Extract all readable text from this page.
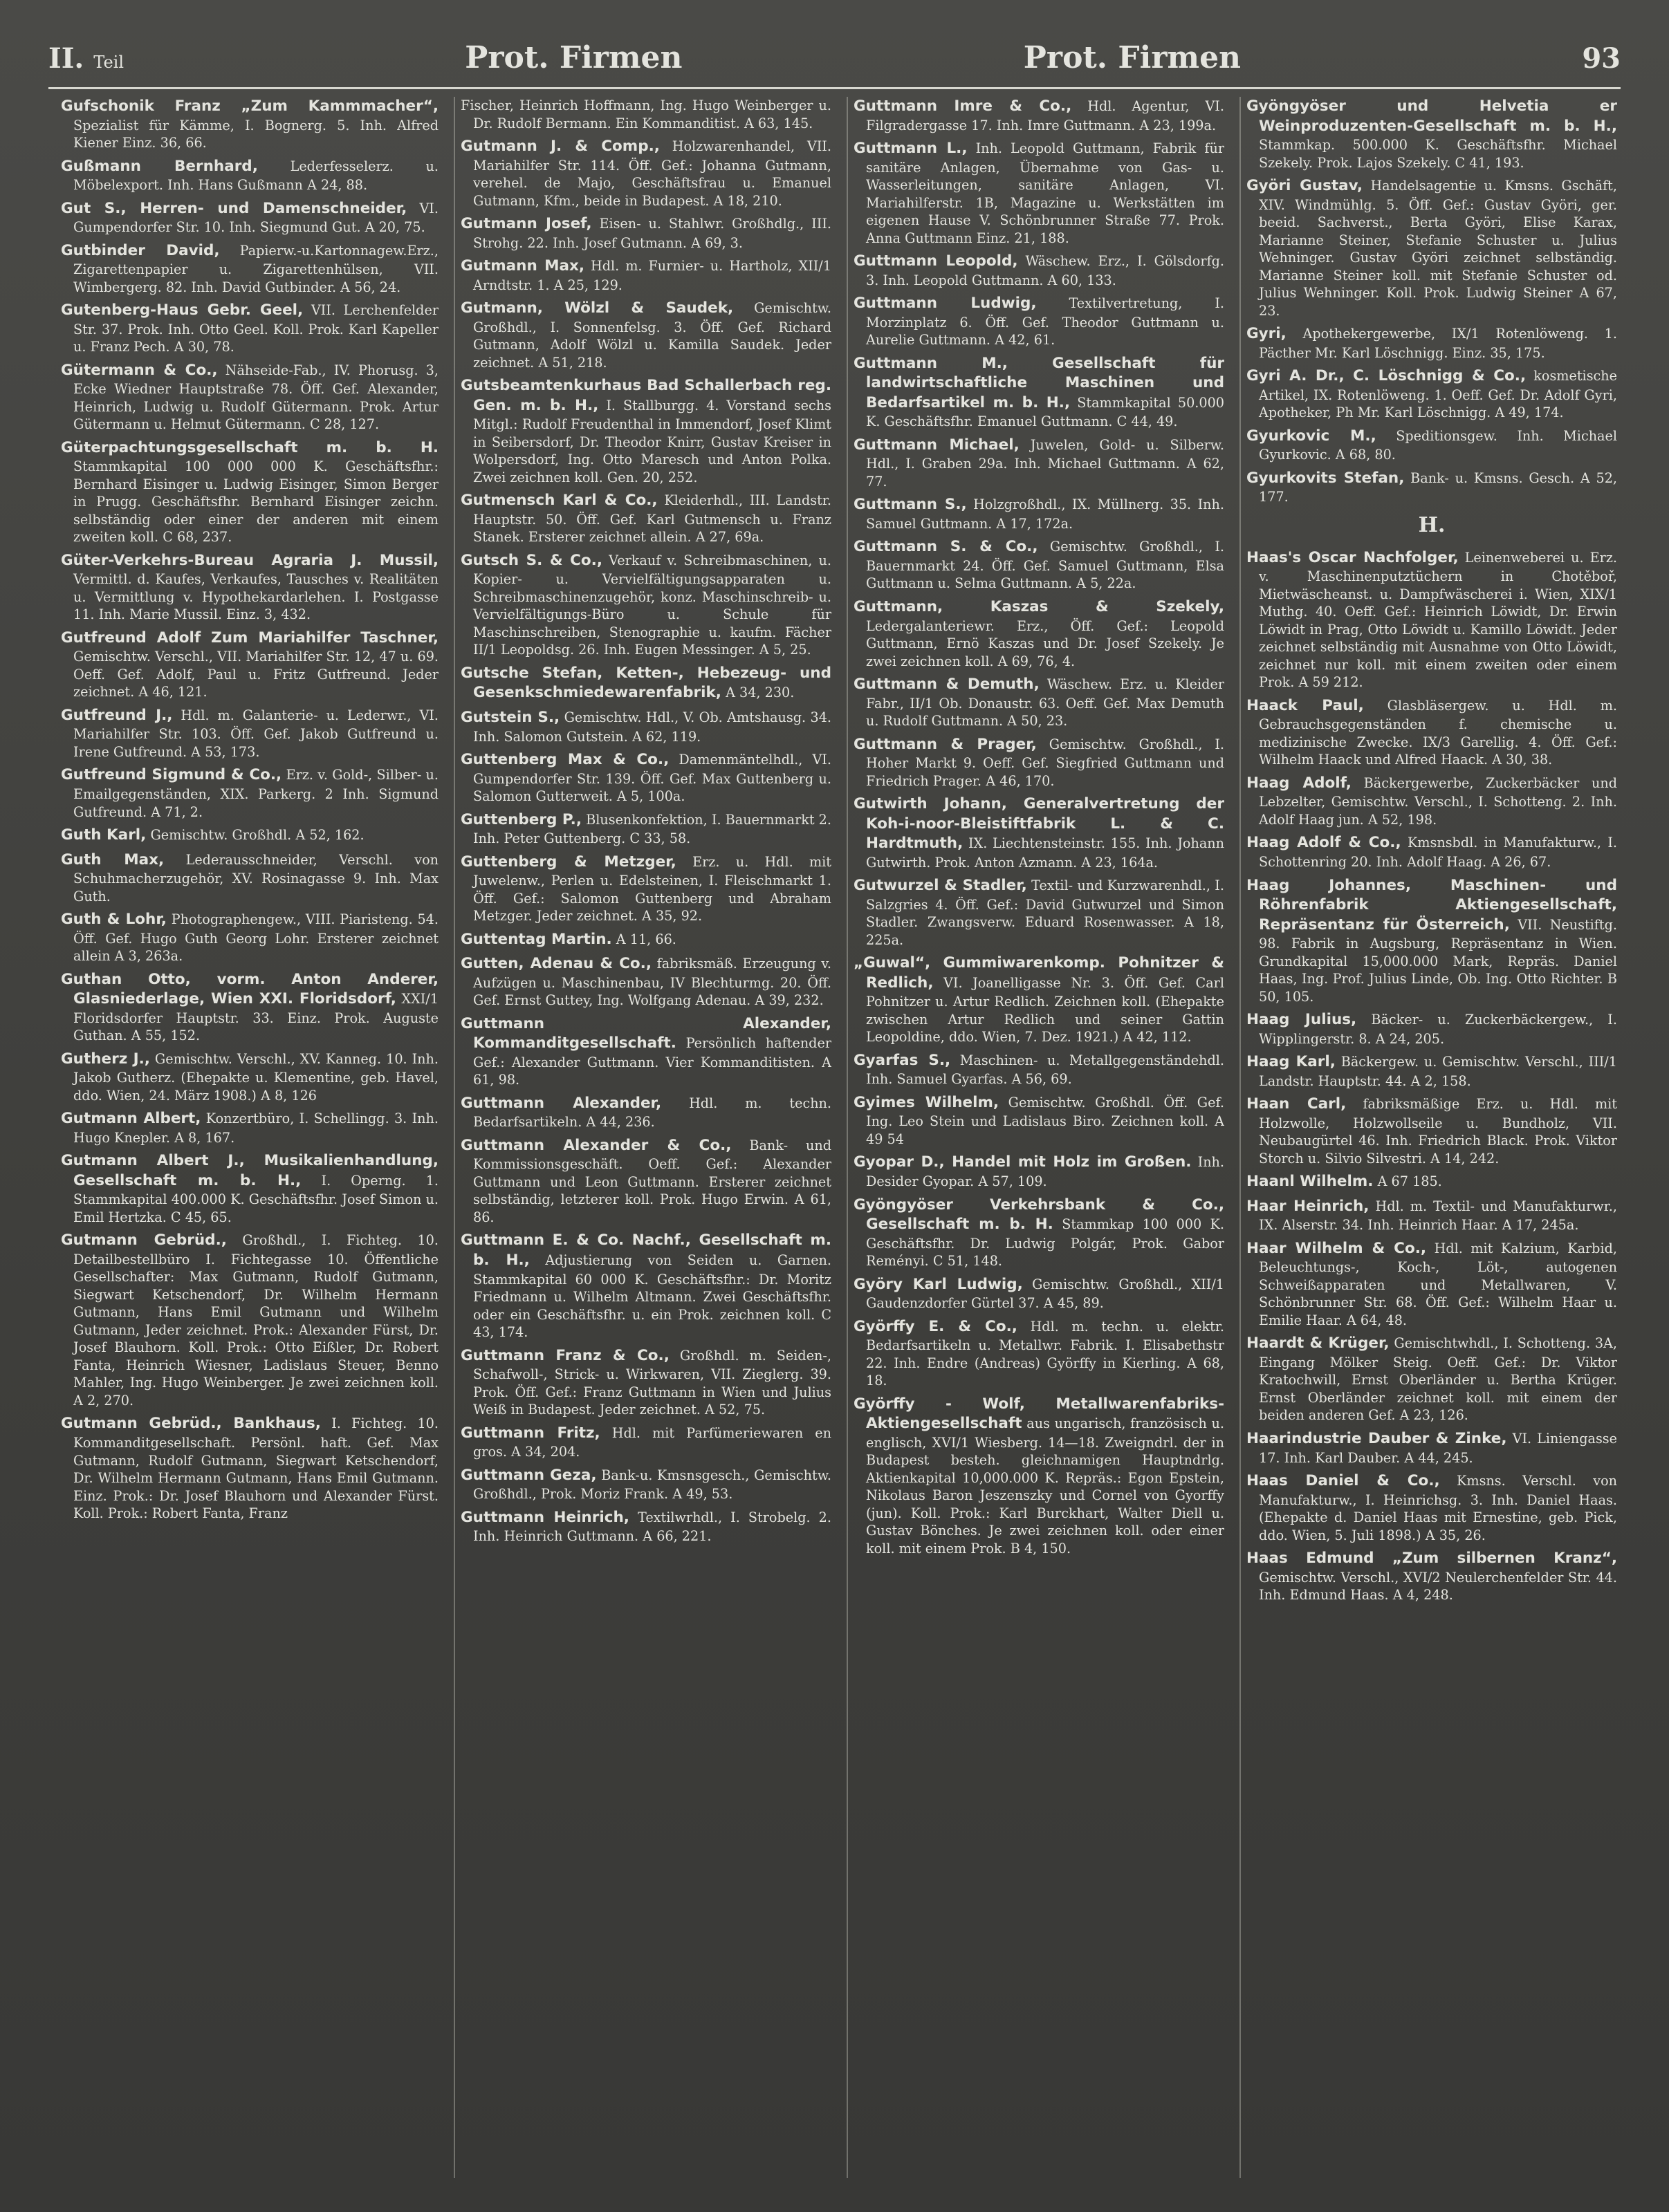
II. Teil	Prot. Firmen	Prot. Firmen	93
Gufschonik Franz „Zum Kammmacher“, Spezialist für Kämme, I. Bognerg. 5. Inh. Alfred Kiener Einz. 36, 66.
Gußmann Bernhard, Lederfesselerz. u. Möbelexport. Inh. Hans Gußmann A 24, 88.
Gut S., Herren- und Damenschneider, VI. Gumpendorfer Str. 10. Inh. Siegmund Gut. A 20, 75.
Gutbinder David, Papierw.-u.Kartonnagew.Erz., Zigarettenpapier u. Zigarettenhülsen, VII. Wimbergerg. 82. Inh. David Gutbinder. A 56, 24.
Gutenberg-Haus Gebr. Geel, VII. Lerchenfelder Str. 37. Prok. Inh. Otto Geel. Koll. Prok. Karl Kapeller u. Franz Pech. A 30, 78.
Gütermann & Co., Nähseide-Fab., IV. Phorusg. 3, Ecke Wiedner Hauptstraße 78. Öff. Gef. Alexander, Heinrich, Ludwig u. Rudolf Gütermann. Prok. Artur Gütermann u. Helmut Gütermann. C 28, 127.
Güterpachtungsgesellschaft m. b. H. Stammkapital 100 000 000 K. Geschäftsfhr.: Bernhard Eisinger u. Ludwig Eisinger, Simon Berger in Prugg. Geschäftsfhr. Bernhard Eisinger zeichn. selbständig oder einer der anderen mit einem zweiten koll. C 68, 237.
Güter-Verkehrs-Bureau Agraria J. Mussil, Vermittl. d. Kaufes, Verkaufes, Tausches v. Realitäten u. Vermittlung v. Hypothekardarlehen. I. Postgasse 11. Inh. Marie Mussil. Einz. 3, 432.
Gutfreund Adolf Zum Mariahilfer Taschner, Gemischtw. Verschl., VII. Mariahilfer Str. 12, 47 u. 69. Oeff. Gef. Adolf, Paul u. Fritz Gutfreund. Jeder zeichnet. A 46, 121.
Gutfreund J., Hdl. m. Galanterie- u. Lederwr., VI. Mariahilfer Str. 103. Öff. Gef. Jakob Gutfreund u. Irene Gutfreund. A 53, 173.
Gutfreund Sigmund & Co., Erz. v. Gold-, Silber- u. Emailgegenständen, XIX. Parkerg. 2 Inh. Sigmund Gutfreund. A 71, 2.
Guth Karl, Gemischtw. Großhdl. A 52, 162.
Guth Max, Lederausschneider, Verschl. von Schuhmacherzugehör, XV. Rosinagasse 9. Inh. Max Guth.
Guth & Lohr, Photographengew., VIII. Piaristeng. 54. Öff. Gef. Hugo Guth Georg Lohr. Ersterer zeichnet allein A 3, 263a.
Guthan Otto, vorm. Anton Anderer, Glasniederlage, Wien XXI. Floridsdorf, XXI/1 Floridsdorfer Hauptstr. 33. Einz. Prok. Auguste Guthan. A 55, 152.
Gutherz J., Gemischtw. Verschl., XV. Kanneg. 10. Inh. Jakob Gutherz. (Ehepakte u. Klementine, geb. Havel, ddo. Wien, 24. März 1908.) A 8, 126
Gutmann Albert, Konzertbüro, I. Schellingg. 3. Inh. Hugo Knepler. A 8, 167.
Gutmann Albert J., Musikalienhandlung, Gesellschaft m. b. H., I. Operng. 1. Stammkapital 400.000 K. Geschäftsfhr. Josef Simon u. Emil Hertzka. C 45, 65.
Gutmann Gebrüd., Großhdl., I. Fichteg. 10. Detailbestellbüro I. Fichtegasse 10. Öffentliche Gesellschafter: Max Gutmann, Rudolf Gutmann, Siegwart Ketschendorf, Dr. Wilhelm Hermann Gutmann, Hans Emil Gutmann und Wilhelm Gutmann, Jeder zeichnet. Prok.: Alexander Fürst, Dr. Josef Blauhorn. Koll. Prok.: Otto Eißler, Dr. Robert Fanta, Heinrich Wiesner, Ladislaus Steuer, Benno Mahler, Ing. Hugo Weinberger. Je zwei zeichnen koll. A 2, 270.
Gutmann Gebrüd., Bankhaus, I. Fichteg. 10. Kommanditgesellschaft. Persönl. haft. Gef. Max Gutmann, Rudolf Gutmann, Siegwart Ketschendorf, Dr. Wilhelm Hermann Gutmann, Hans Emil Gutmann. Einz. Prok.: Dr. Josef Blauhorn und Alexander Fürst. Koll. Prok.: Robert Fanta, Franz
Fischer, Heinrich Hoffmann, Ing. Hugo Weinberger u. Dr. Rudolf Bermann. Ein Kommanditist. A 63, 145.
Gutmann J. & Comp., Holzwarenhandel, VII. Mariahilfer Str. 114. Öff. Gef.: Johanna Gutmann, verehel. de Majo, Geschäftsfrau u. Emanuel Gutmann, Kfm., beide in Budapest. A 18, 210.
Gutmann Josef, Eisen- u. Stahlwr. Großhdlg., III. Strohg. 22. Inh. Josef Gutmann. A 69, 3.
Gutmann Max, Hdl. m. Furnier- u. Hartholz, XII/1 Arndtstr. 1. A 25, 129.
Gutmann, Wölzl & Saudek, Gemischtw. Großhdl., I. Sonnenfelsg. 3. Öff. Gef. Richard Gutmann, Adolf Wölzl u. Kamilla Saudek. Jeder zeichnet. A 51, 218.
Gutsbeamtenkurhaus Bad Schallerbach reg. Gen. m. b. H., I. Stallburgg. 4. Vorstand sechs Mitgl.: Rudolf Freudenthal in Immendorf, Josef Klimt in Seibersdorf, Dr. Theodor Knirr, Gustav Kreiser in Wolpersdorf, Ing. Otto Maresch und Anton Polka. Zwei zeichnen koll. Gen. 20, 252.
Gutmensch Karl & Co., Kleiderhdl., III. Landstr. Hauptstr. 50. Öff. Gef. Karl Gutmensch u. Franz Stanek. Ersterer zeichnet allein. A 27, 69a.
Gutsch S. & Co., Verkauf v. Schreibmaschinen, u. Kopier- u. Vervielfältigungsapparaten u. Schreibmaschinenzugehör, konz. Maschinschreib- u. Vervielfältigungs-Büro u. Schule für Maschinschreiben, Stenographie u. kaufm. Fächer II/1 Leopoldsg. 26. Inh. Eugen Messinger. A 5, 25.
Gutsche Stefan, Ketten-, Hebezeug- und Gesenkschmiedewarenfabrik, A 34, 230.
Gutstein S., Gemischtw. Hdl., V. Ob. Amtshausg. 34. Inh. Salomon Gutstein. A 62, 119.
Guttenberg Max & Co., Damenmäntelhdl., VI. Gumpendorfer Str. 139. Öff. Gef. Max Guttenberg u. Salomon Gutterweit. A 5, 100a.
Guttenberg P., Blusenkonfektion, I. Bauernmarkt 2. Inh. Peter Guttenberg. C 33, 58.
Guttenberg & Metzger, Erz. u. Hdl. mit Juwelenw., Perlen u. Edelsteinen, I. Fleischmarkt 1. Öff. Gef.: Salomon Guttenberg und Abraham Metzger. Jeder zeichnet. A 35, 92.
Guttentag Martin. A 11, 66.
Gutten, Adenau & Co., fabriksmäß. Erzeugung v. Aufzügen u. Maschinenbau, IV Blechturmg. 20. Öff. Gef. Ernst Guttey, Ing. Wolfgang Adenau. A 39, 232.
Guttmann Alexander, Kommanditgesellschaft. Persönlich haftender Gef.: Alexander Guttmann. Vier Kommanditisten. A 61, 98.
Guttmann Alexander, Hdl. m. techn. Bedarfsartikeln. A 44, 236.
Guttmann Alexander & Co., Bank- und Kommissionsgeschäft. Oeff. Gef.: Alexander Guttmann und Leon Guttmann. Ersterer zeichnet selbständig, letzterer koll. Prok. Hugo Erwin. A 61, 86.
Guttmann E. & Co. Nachf., Gesellschaft m. b. H., Adjustierung von Seiden u. Garnen. Stammkapital 60 000 K. Geschäftsfhr.: Dr. Moritz Friedmann u. Wilhelm Altmann. Zwei Geschäftsfhr. oder ein Geschäftsfhr. u. ein Prok. zeichnen koll. C 43, 174.
Guttmann Franz & Co., Großhdl. m. Seiden-, Schafwoll-, Strick- u. Wirkwaren, VII. Zieglerg. 39. Prok. Öff. Gef.: Franz Guttmann in Wien und Julius Weiß in Budapest. Jeder zeichnet. A 52, 75.
Guttmann Fritz, Hdl. mit Parfümeriewaren en gros. A 34, 204.
Guttmann Geza, Bank-u. Kmsnsgesch., Gemischtw. Großhdl., Prok. Moriz Frank. A 49, 53.
Guttmann Heinrich, Textilwrhdl., I. Strobelg. 2. Inh. Heinrich Guttmann. A 66, 221.
Guttmann Imre & Co., Hdl. Agentur, VI. Filgradergasse 17. Inh. Imre Guttmann. A 23, 199a.
Guttmann L., Inh. Leopold Guttmann, Fabrik für sanitäre Anlagen, Übernahme von Gas- u. Wasserleitungen, sanitäre Anlagen, VI. Mariahilferstr. 1B, Magazine u. Werkstätten im eigenen Hause V. Schönbrunner Straße 77. Prok. Anna Guttmann Einz. 21, 188.
Guttmann Leopold, Wäschew. Erz., I. Gölsdorfg. 3. Inh. Leopold Guttmann. A 60, 133.
Guttmann Ludwig, Textilvertretung, I. Morzinplatz 6. Öff. Gef. Theodor Guttmann u. Aurelie Guttmann. A 42, 61.
Guttmann M., Gesellschaft für landwirtschaftliche Maschinen und Bedarfsartikel m. b. H., Stammkapital 50.000 K. Geschäftsfhr. Emanuel Guttmann. C 44, 49.
Guttmann Michael, Juwelen, Gold- u. Silberw. Hdl., I. Graben 29a. Inh. Michael Guttmann. A 62, 77.
Guttmann S., Holzgroßhdl., IX. Müllnerg. 35. Inh. Samuel Guttmann. A 17, 172a.
Guttmann S. & Co., Gemischtw. Großhdl., I. Bauernmarkt 24. Öff. Gef. Samuel Guttmann, Elsa Guttmann u. Selma Guttmann. A 5, 22a.
Guttmann, Kaszas & Szekely, Ledergalanteriewr. Erz., Öff. Gef.: Leopold Guttmann, Ernö Kaszas und Dr. Josef Szekely. Je zwei zeichnen koll. A 69, 76, 4.
Guttmann & Demuth, Wäschew. Erz. u. Kleider Fabr., II/1 Ob. Donaustr. 63. Oeff. Gef. Max Demuth u. Rudolf Guttmann. A 50, 23.
Guttmann & Prager, Gemischtw. Großhdl., I. Hoher Markt 9. Oeff. Gef. Siegfried Guttmann und Friedrich Prager. A 46, 170.
Gutwirth Johann, Generalvertretung der Koh-i-noor-Bleistiftfabrik L. & C. Hardtmuth, IX. Liechtensteinstr. 155. Inh. Johann Gutwirth. Prok. Anton Azmann. A 23, 164a.
Gutwurzel & Stadler, Textil- und Kurzwarenhdl., I. Salzgries 4. Öff. Gef.: David Gutwurzel und Simon Stadler. Zwangsverw. Eduard Rosenwasser. A 18, 225a.
„Guwal“, Gummiwarenkomp. Pohnitzer & Redlich, VI. Joanelligasse Nr. 3. Öff. Gef. Carl Pohnitzer u. Artur Redlich. Zeichnen koll. (Ehepakte zwischen Artur Redlich und seiner Gattin Leopoldine, ddo. Wien, 7. Dez. 1921.) A 42, 112.
Gyarfas S., Maschinen- u. Metallgegenständehdl. Inh. Samuel Gyarfas. A 56, 69.
Gyimes Wilhelm, Gemischtw. Großhdl. Öff. Gef. Ing. Leo Stein und Ladislaus Biro. Zeichnen koll. A 49 54
Gyopar D., Handel mit Holz im Großen. Inh. Desider Gyopar. A 57, 109.
Gyöngyöser Verkehrsbank & Co., Gesellschaft m. b. H. Stammkap 100 000 K. Geschäftsfhr. Dr. Ludwig Polgár, Prok. Gabor Reményi. C 51, 148.
Györy Karl Ludwig, Gemischtw. Großhdl., XII/1 Gaudenzdorfer Gürtel 37. A 45, 89.
Györffy E. & Co., Hdl. m. techn. u. elektr. Bedarfsartikeln u. Metallwr. Fabrik. I. Elisabethstr 22. Inh. Endre (Andreas) Györffy in Kierling. A 68, 18.
Györffy - Wolf, Metallwarenfabriks-Aktiengesellschaft aus ungarisch, französisch u. englisch, XVI/1 Wiesberg. 14—18. Zweigndrl. der in Budapest besteh. gleichnamigen Hauptndrlg. Aktienkapital 10,000.000 K. Repräs.: Egon Epstein, Nikolaus Baron Jeszenszky und Cornel von Gyorffy (jun). Koll. Prok.: Karl Burckhart, Walter Diell u. Gustav Bönches. Je zwei zeichnen koll. oder einer koll. mit einem Prok. B 4, 150.
Gyöngyöser und Helvetia er Weinproduzenten-Gesellschaft m. b. H., Stammkap. 500.000 K. Geschäftsfhr. Michael Szekely. Prok. Lajos Szekely. C 41, 193.
Györi Gustav, Handelsagentie u. Kmsns. Gschäft, XIV. Windmühlg. 5. Öff. Gef.: Gustav Györi, ger. beeid. Sachverst., Berta Györi, Elise Karax, Marianne Steiner, Stefanie Schuster u. Julius Wehninger. Gustav Györi zeichnet selbständig. Marianne Steiner koll. mit Stefanie Schuster od. Julius Wehninger. Koll. Prok. Ludwig Steiner A 67, 23.
Gyri, Apothekergewerbe, IX/1 Rotenlöweng. 1. Päcther Mr. Karl Löschnigg. Einz. 35, 175.
Gyri A. Dr., C. Löschnigg & Co., kosmetische Artikel, IX. Rotenlöweng. 1. Oeff. Gef. Dr. Adolf Gyri, Apotheker, Ph Mr. Karl Löschnigg. A 49, 174.
Gyurkovic M., Speditionsgew. Inh. Michael Gyurkovic. A 68, 80.
Gyurkovits Stefan, Bank- u. Kmsns. Gesch. A 52, 177.
H.
Haas's Oscar Nachfolger, Leinenweberei u. Erz. v. Maschinenputztüchern in Chotěboř, Mietwäscheanst. u. Dampfwäscherei i. Wien, XIX/1 Muthg. 40. Oeff. Gef.: Heinrich Löwidt, Dr. Erwin Löwidt in Prag, Otto Löwidt u. Kamillo Löwidt. Jeder zeichnet selbständig mit Ausnahme von Otto Löwidt, zeichnet nur koll. mit einem zweiten oder einem Prok. A 59 212.
Haack Paul, Glasbläsergew. u. Hdl. m. Gebrauchsgegenständen f. chemische u. medizinische Zwecke. IX/3 Garellig. 4. Öff. Gef.: Wilhelm Haack und Alfred Haack. A 30, 38.
Haag Adolf, Bäckergewerbe, Zuckerbäcker und Lebzelter, Gemischtw. Verschl., I. Schotteng. 2. Inh. Adolf Haag jun. A 52, 198.
Haag Adolf & Co., Kmsnsbdl. in Manufakturw., I. Schottenring 20. Inh. Adolf Haag. A 26, 67.
Haag Johannes, Maschinen- und Röhrenfabrik Aktiengesellschaft, Repräsentanz für Österreich, VII. Neustiftg. 98. Fabrik in Augsburg, Repräsentanz in Wien. Grundkapital 15,000.000 Mark, Repräs. Daniel Haas, Ing. Prof. Julius Linde, Ob. Ing. Otto Richter. B 50, 105.
Haag Julius, Bäcker- u. Zuckerbäckergew., I. Wipplingerstr. 8. A 24, 205.
Haag Karl, Bäckergew. u. Gemischtw. Verschl., III/1 Landstr. Hauptstr. 44. A 2, 158.
Haan Carl, fabriksmäßige Erz. u. Hdl. mit Holzwolle, Holzwollseile u. Bundholz, VII. Neubaugürtel 46. Inh. Friedrich Black. Prok. Viktor Storch u. Silvio Silvestri. A 14, 242.
Haanl Wilhelm. A 67 185.
Haar Heinrich, Hdl. m. Textil- und Manufakturwr., IX. Alserstr. 34. Inh. Heinrich Haar. A 17, 245a.
Haar Wilhelm & Co., Hdl. mit Kalzium, Karbid, Beleuchtungs-, Koch-, Löt-, autogenen Schweißapparaten und Metallwaren, V. Schönbrunner Str. 68. Öff. Gef.: Wilhelm Haar u. Emilie Haar. A 64, 48.
Haardt & Krüger, Gemischtwhdl., I. Schotteng. 3A, Eingang Mölker Steig. Oeff. Gef.: Dr. Viktor Kratochwill, Ernst Oberländer u. Bertha Krüger. Ernst Oberländer zeichnet koll. mit einem der beiden anderen Gef. A 23, 126.
Haarindustrie Dauber & Zinke, VI. Liniengasse 17. Inh. Karl Dauber. A 44, 245.
Haas Daniel & Co., Kmsns. Verschl. von Manufakturw., I. Heinrichsg. 3. Inh. Daniel Haas. (Ehepakte d. Daniel Haas mit Ernestine, geb. Pick, ddo. Wien, 5. Juli 1898.) A 35, 26.
Haas Edmund „Zum silbernen Kranz“, Gemischtw. Verschl., XVI/2 Neulerchenfelder Str. 44. Inh. Edmund Haas. A 4, 248.
